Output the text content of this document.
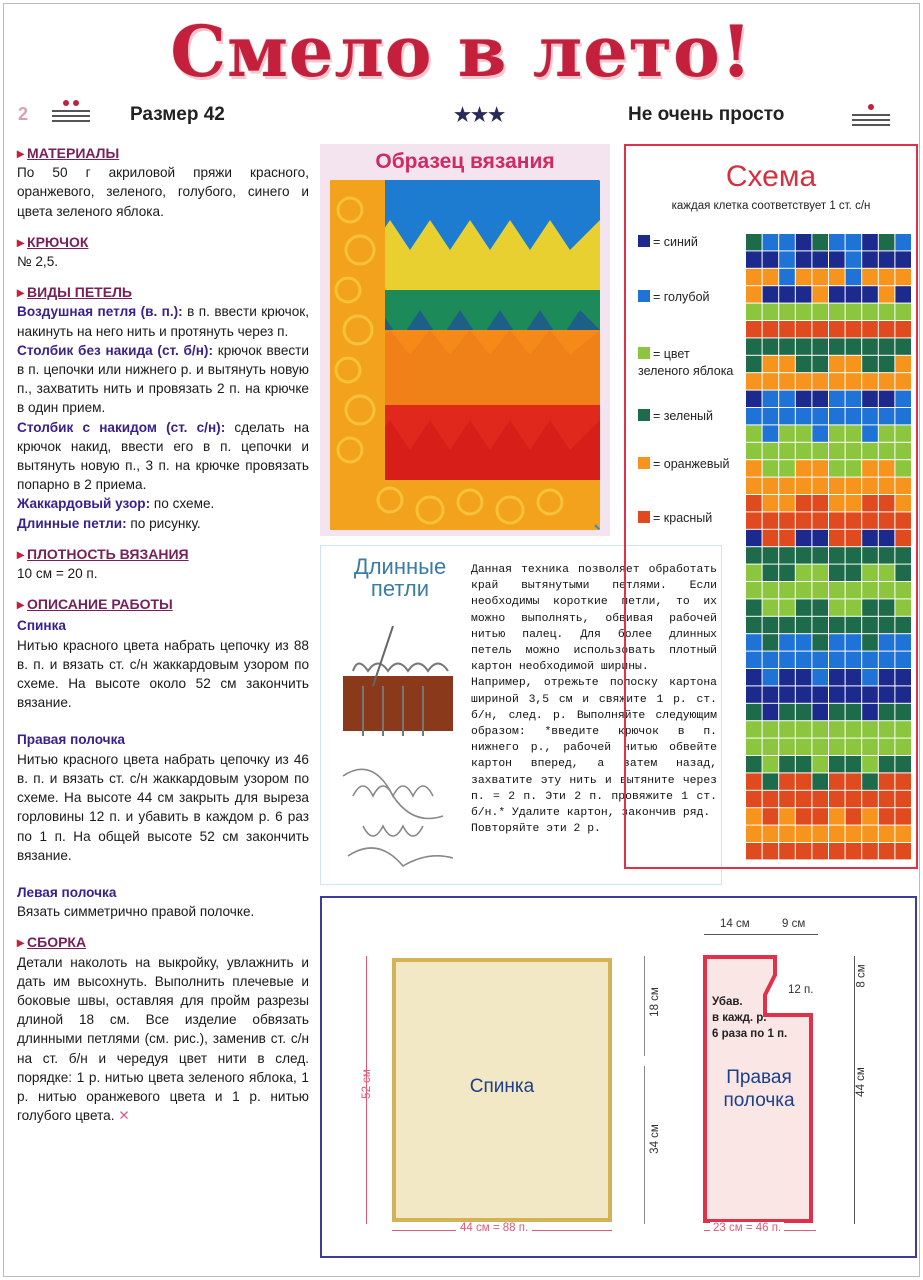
Смело в лето!
2	Размер 42	★★★	Не очень просто
▸ МАТЕРИАЛЫ
По 50 г акриловой пряжи красного, оранжевого, зеленого, голубого, синего и цвета зеленого яблока.
▸ КРЮЧОК
№ 2,5.
▸ ВИДЫ ПЕТЕЛЬ
Воздушная петля (в. п.): в п. ввести крючок, накинуть на него нить и протянуть через п.
Столбик без накида (ст. б/н): крючок ввести в п. цепочки или нижнего р. и вытянуть новую п., захватить нить и провязать 2 п. на крючке в один прием.
Столбик с накидом (ст. с/н): сделать на крючок накид, ввести его в п. цепочки и вытянуть новую п., 3 п. на крючке провязать попарно в 2 приема.
Жаккардовый узор: по схеме.
Длинные петли: по рисунку.
▸ ПЛОТНОСТЬ ВЯЗАНИЯ
10 см = 20 п.
▸ ОПИСАНИЕ РАБОТЫ
Спинка
Нитью красного цвета набрать цепочку из 88 в. п. и вязать ст. с/н жаккардовым узором по схеме. На высоте около 52 см закончить вязание.
Правая полочка
Нитью красного цвета набрать цепочку из 46 в. п. и вязать ст. с/н жаккардовым узором по схеме. На высоте 44 см закрыть для выреза горловины 12 п. и убавить в каждом р. 6 раз по 1 п. На общей высоте 52 см закончить вязание.
Левая полочка
Вязать симметрично правой полочке.
▸ СБОРКА
Детали наколоть на выкройку, увлажнить и дать им высохнуть. Выполнить плечевые и боковые швы, оставляя для пройм разрезы длиной 18 см. Все изделие обвязать длинными петлями (см. рис.), заменив ст. с/н на ст. б/н и чередуя цвет нити в след. порядке: 1 р. нитью цвета зеленого яблока, 1 р. нитью оранжевого цвета и 1 р. нитью голубого цвета. ✕
Образец вязания
Длинные петли
Данная техника позволяет обработать край вытянутыми петлями. Если необходимы короткие петли, то их можно выполнять, обвивая рабочей нитью палец. Для более длинных петель можно использовать плотный картон необходимой ширины.
Например, отрежьте полоску картона шириной 3,5 см и свяжите 1 р. ст. б/н, след. р. Выполняйте следующим образом: *введите крючок в п. нижнего р., рабочей нитью обвейте картон вперед, а затем назад, захватите эту нить и вытяните через п. = 2 п. Эти 2 п. провяжите 1 ст. б/н.* Удалите картон, закончив ряд.
Повторяйте эти 2 р.
Схема
каждая клетка соответствует 1 ст. с/н
= синий
= голубой
= цвет зеленого яблока
= зеленый
= оранжевый
= красный
Спинка
52 см
18 см
34 см
44 см = 88 п.
Правая полочка
Убав.
в кажд. р.
6 раза по 1 п.
12 п.
14 см	9 см
8 см
44 см
23 см = 46 п.
